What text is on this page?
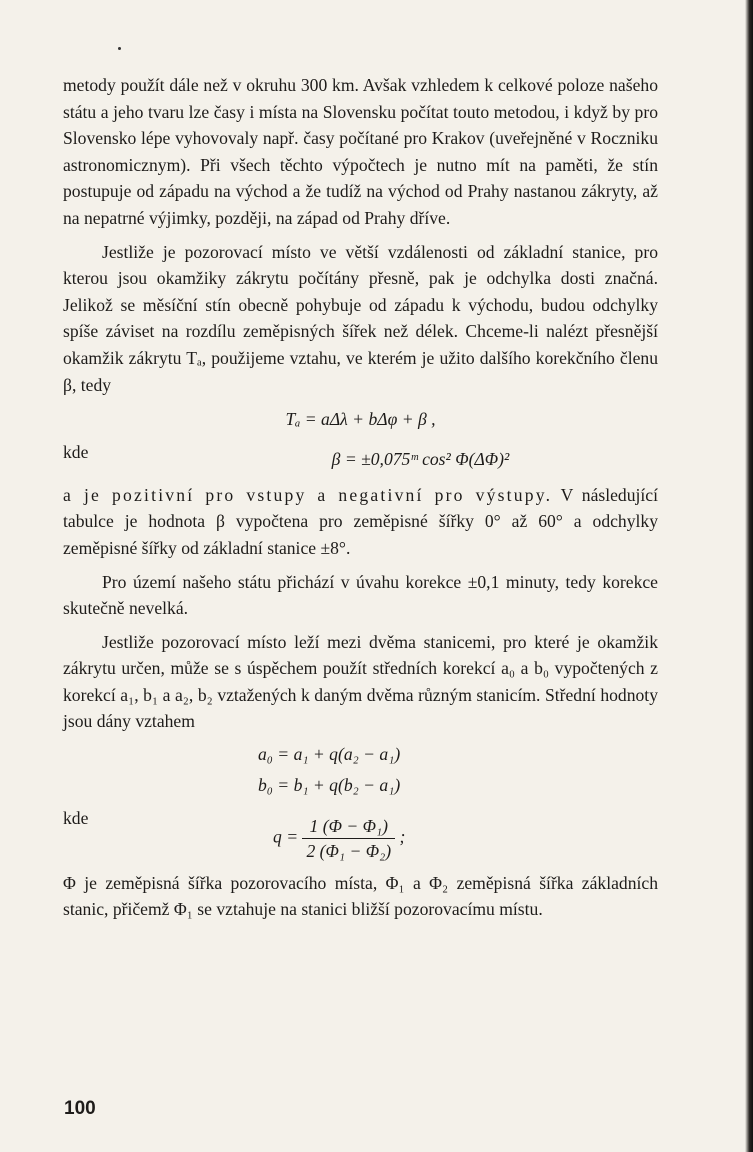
metody použít dále než v okruhu 300 km. Avšak vzhledem k celkové poloze našeho státu a jeho tvaru lze časy i místa na Slovensku počítat touto metodou, i když by pro Slovensko lépe vyhovovaly např. časy počítané pro Krakov (uveřejněné v Roczniku astronomicznym). Při všech těchto výpočtech je nutno mít na paměti, že stín postupuje od západu na východ a že tudíž na východ od Prahy nastanou zákryty, až na nepatrné výjimky, později, na západ od Prahy dříve.

Jestliže je pozorovací místo ve větší vzdálenosti od základní stanice, pro kterou jsou okamžiky zákrytu počítány přesně, pak je odchylka dosti značná. Jelikož se měsíční stín obecně pohybuje od západu k východu, budou odchylky spíše záviset na rozdílu zeměpisných šířek než délek. Chceme-li nalézt přesnější okamžik zákrytu Tₐ, použijeme vztahu, ve kterém je užito dalšího korekčního členu β, tedy

Tₐ = aΔλ + bΔφ + β ,

kde	β = ±0,075ᵐ cos² Φ(ΔΦ)²

a je pozitivní pro vstupy a negativní pro výstupy. V následující tabulce je hodnota β vypočtena pro zeměpisné šířky 0° až 60° a odchylky zeměpisné šířky od základní stanice ±8°.

Pro území našeho státu přichází v úvahu korekce ±0,1 minuty, tedy korekce skutečně nevelká.

Jestliže pozorovací místo leží mezi dvěma stanicemi, pro které je okamžik zákrytu určen, může se s úspěchem použít středních korekcí a₀ a b₀ vypočtených z korekcí a₁, b₁ a a₂, b₂ vztažených k daným dvěma různým stanicím. Střední hodnoty jsou dány vztahem

a₀ = a₁ + q(a₂ − a₁)
b₀ = b₁ + q(b₂ − a₁)

kde

$q = \frac{\text{1 (Φ − Φ₁)}}{\text{2 (Φ₁ − Φ₂)}}$ ;

Φ je zeměpisná šířka pozorovacího místa, Φ₁ a Φ₂ zeměpisná šířka základních stanic, přičemž Φ₁ se vztahuje na stanici bližší pozorovacímu místu.

100
